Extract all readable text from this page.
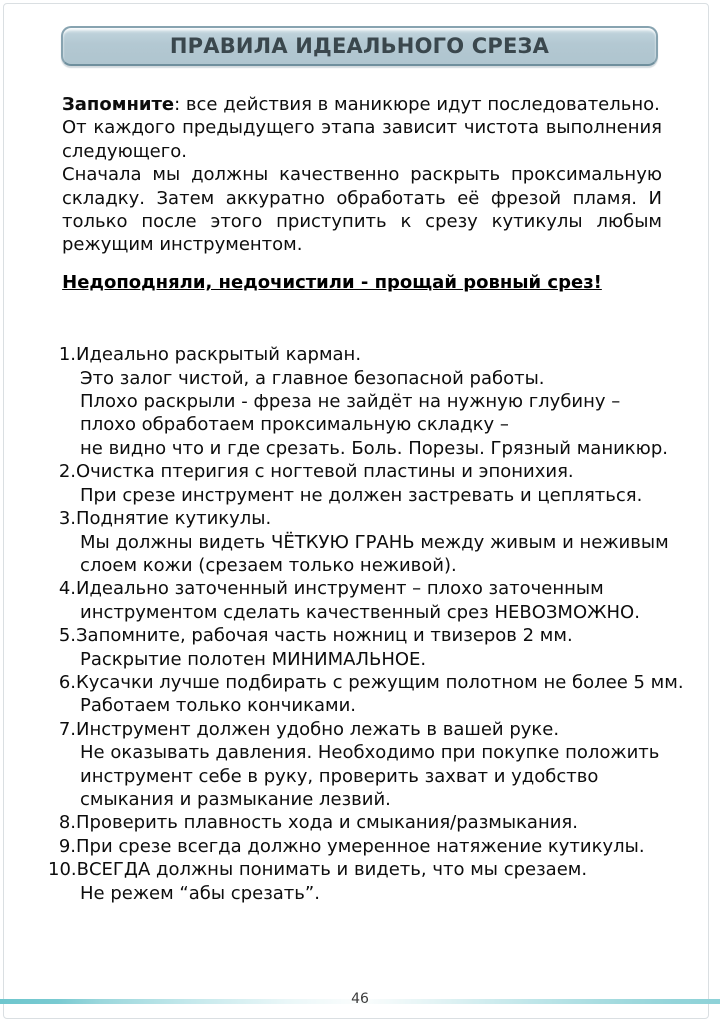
ПРАВИЛА ИДЕАЛЬНОГО СРЕЗА

Запомните: все действия в маникюре идут последовательно.

От каждого предыдущего этапа зависит чистота выполнения следующего.

Сначала мы должны качественно раскрыть проксимальную складку. Затем аккуратно обработать её фрезой пламя. И только после этого приступить к срезу кутикулы любым режущим инструментом.

Недоподняли, недочистили - прощай ровный срез!
1.Идеально раскрытый карман.
Это залог чистой, а главное безопасной работы.
Плохо раскрыли - фреза не зайдёт на нужную глубину –
плохо обработаем проксимальную складку –
не видно что и где срезать. Боль. Порезы. Грязный маникюр.
2.Очистка птеригия с ногтевой пластины и эпонихия.
При срезе инструмент не должен застревать и цепляться.
3.Поднятие кутикулы.
Мы должны видеть ЧЁТКУЮ ГРАНЬ между живым и неживым
слоем кожи (срезаем только неживой).
4.Идеально заточенный инструмент – плохо заточенным
инструментом сделать качественный срез НЕВОЗМОЖНО.
5.Запомните, рабочая часть ножниц и твизеров 2 мм.
Раскрытие полотен МИНИМАЛЬНОЕ.
6.Кусачки лучше подбирать с режущим полотном не более 5 мм.
Работаем только кончиками.
7.Инструмент должен удобно лежать в вашей руке.
Не оказывать давления. Необходимо при покупке положить
инструмент себе в руку, проверить захват и удобство
смыкания и размыкание лезвий.
8.Проверить плавность хода и смыкания/размыкания.
9.При срезе всегда должно умеренное натяжение кутикулы.
10.ВСЕГДА должны понимать и видеть, что мы срезаем.
Не режем “абы срезать”.
46
